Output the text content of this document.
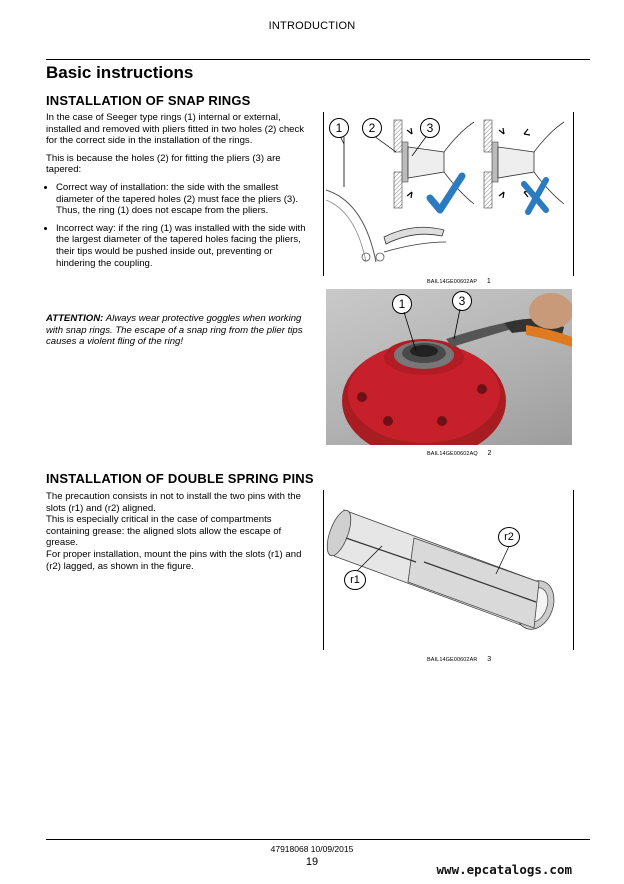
INTRODUCTION
Basic instructions
INSTALLATION OF SNAP RINGS

In the case of Seeger type rings (1) internal or external, installed and removed with pliers fitted in two holes (2) check for the correct side in the installation of the rings.

This is because the holes (2) for fitting the pliers (3) are tapered:

• Correct way of installation: the side with the smallest diameter of the tapered holes (2) must face the pliers (3).
Thus, the ring (1) does not escape from the pliers.
• Incorrect way: if the ring (1) was installed with the side with the largest diameter of the tapered holes facing the pliers, their tips would be pushed inside out, preventing or hindering the coupling.
ATTENTION: Always wear protective goggles when working with snap rings. The escape of a snap ring from the plier tips causes a violent fling of the ring!
1	2	3
BAIL14GE00602AP 1
1	3
BAIL14GE00602AQ 2
INSTALLATION OF DOUBLE SPRING PINS

The precaution consists in not to install the two pins with the slots (r1) and (r2) aligned.

This is especially critical in the case of compartments containing grease: the aligned slots allow the escape of grease.

For proper installation, mount the pins with the slots (r1) and (r2) lagged, as shown in the figure.

r2
r1
BAIL14GE00602AR 3
47918068 10/09/2015
19	www.epcatalogs.com
